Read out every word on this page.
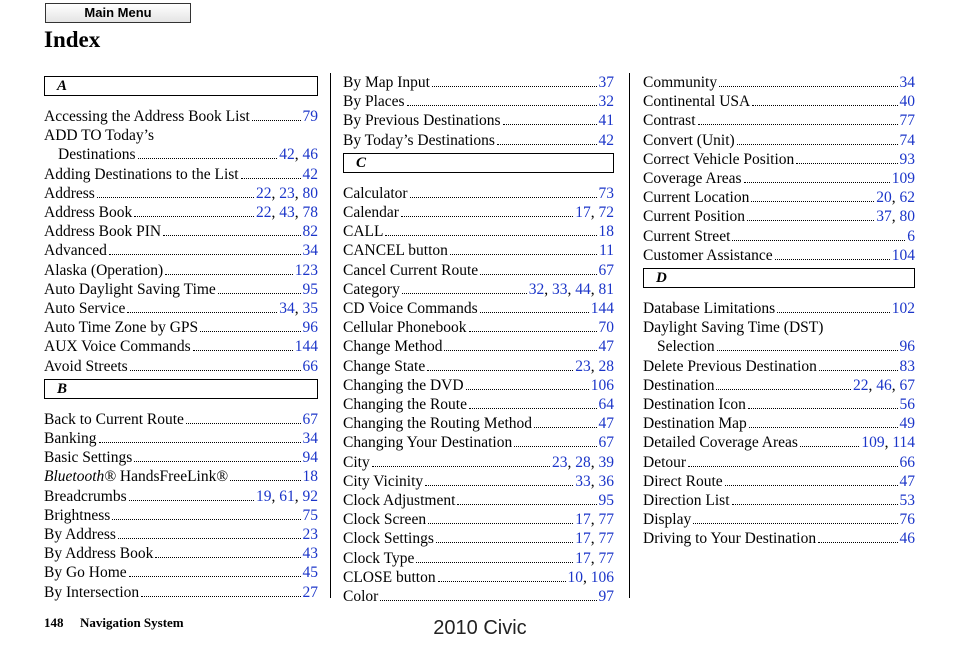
Main Menu
Index
A
Accessing the Address Book List	79
ADD TO Today’s
Destinations	42, 46
Adding Destinations to the List	42
Address	22, 23, 80
Address Book	22, 43, 78
Address Book PIN	82
Advanced	34
Alaska (Operation)	123
Auto Daylight Saving Time	95
Auto Service	34, 35
Auto Time Zone by GPS	96
AUX Voice Commands	144
Avoid Streets	66
B
Back to Current Route	67
Banking	34
Basic Settings	94
Bluetooth® HandsFreeLink®	18
Breadcrumbs	19, 61, 92
Brightness	75
By Address	23
By Address Book	43
By Go Home	45
By Intersection	27
By Map Input	37
By Places	32
By Previous Destinations	41
By Today’s Destinations	42
C
Calculator	73
Calendar	17, 72
CALL	18
CANCEL button	11
Cancel Current Route	67
Category	32, 33, 44, 81
CD Voice Commands	144
Cellular Phonebook	70
Change Method	47
Change State	23, 28
Changing the DVD	106
Changing the Route	64
Changing the Routing Method	47
Changing Your Destination	67
City	23, 28, 39
City Vicinity	33, 36
Clock Adjustment	95
Clock Screen	17, 77
Clock Settings	17, 77
Clock Type	17, 77
CLOSE button	10, 106
Color	97
Community	34
Continental USA	40
Contrast	77
Convert (Unit)	74
Correct Vehicle Position	93
Coverage Areas	109
Current Location	20, 62
Current Position	37, 80
Current Street	6
Customer Assistance	104
D
Database Limitations	102
Daylight Saving Time (DST)
Selection	96
Delete Previous Destination	83
Destination	22, 46, 67
Destination Icon	56
Destination Map	49
Detailed Coverage Areas	109, 114
Detour	66
Direct Route	47
Direction List	53
Display	76
Driving to Your Destination	46
148 Navigation System	2010 Civic
